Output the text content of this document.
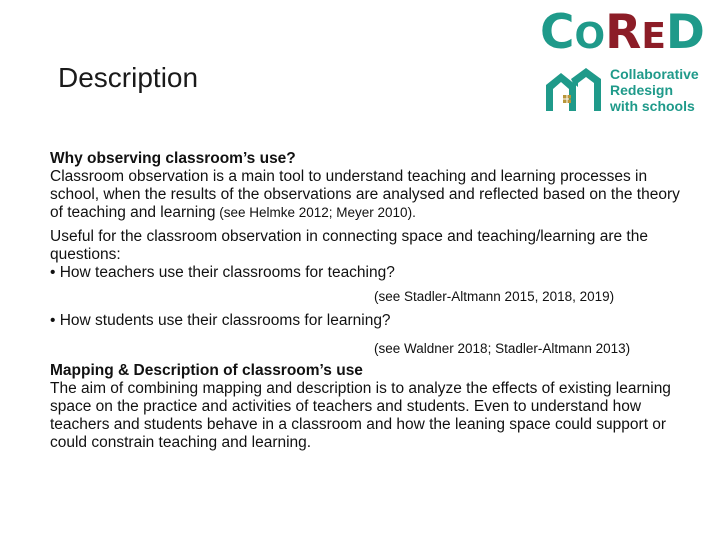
Description
CORED
Collaborative
Redesign
with schools

Why observing classroom’s use?

Classroom observation is a main tool to understand teaching and learning processes in school, when the results of the observations are analysed and reflected based on the theory of teaching and learning (see Helmke 2012; Meyer 2010).

Useful for the classroom observation in connecting space and teaching/learning are the questions:

• How teachers use their classrooms for teaching?

(see Stadler-Altmann 2015, 2018, 2019)

• How students use their classrooms for learning?

(see Waldner 2018; Stadler-Altmann 2013)

Mapping & Description of classroom’s use

The aim of combining mapping and description is to analyze the effects of existing learning space on the practice and activities of teachers and students. Even to understand how teachers and students behave in a classroom and how the leaning space could support or could constrain teaching and learning.
